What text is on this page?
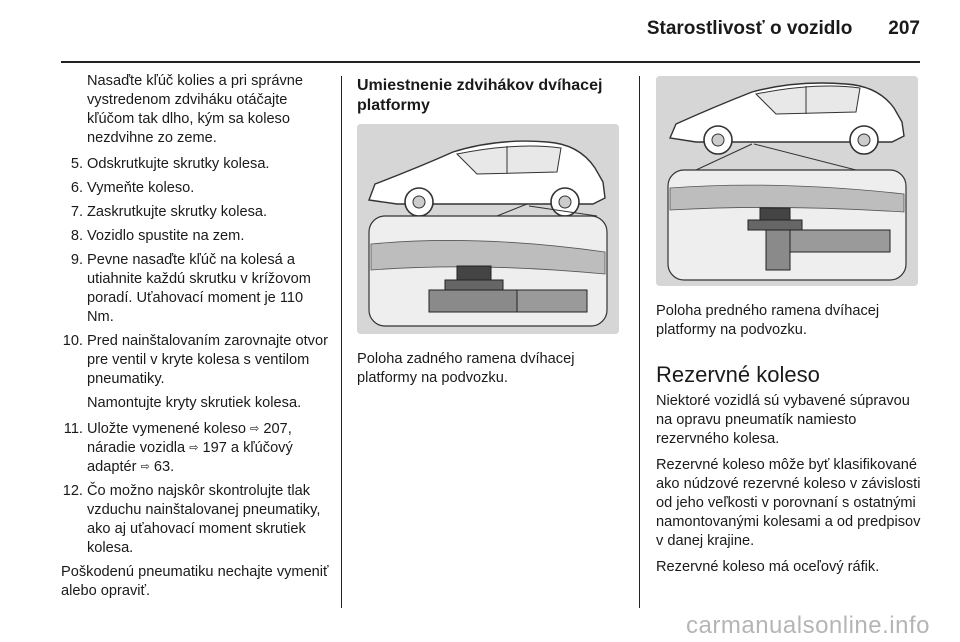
Starostlivosť o vozidlo 207

Nasaďte kľúč kolies a pri správne vystredenom zdviháku otáčajte kľúčom tak dlho, kým sa koleso nezdvihne zo zeme.

5. Odskrutkujte skrutky kolesa.
6. Vymeňte koleso.
7. Zaskrutkujte skrutky kolesa.
8. Vozidlo spustite na zem.
9. Pevne nasaďte kľúč na kolesá a utiahnite každú skrutku v krížovom poradí. Uťahovací moment je 110 Nm.
10. Pred nainštalovaním zarovnajte otvor pre ventil v kryte kolesa s ventilom pneumatiky.

Namontujte kryty skrutiek kolesa.

11. Uložte vymenené koleso ⇨ 207, náradie vozidla ⇨ 197 a kľúčový adaptér ⇨ 63.
12. Čo možno najskôr skontrolujte tlak vzduchu nainštalovanej pneumatiky, ako aj uťahovací moment skrutiek kolesa.

Poškodenú pneumatiku nechajte vymeniť alebo opraviť.

Umiestnenie zdvihákov dvíhacej platformy

Poloha zadného ramena dvíhacej platformy na podvozku.

Poloha predného ramena dvíhacej platformy na podvozku.

Rezervné koleso

Niektoré vozidlá sú vybavené súpravou na opravu pneumatík namiesto rezervného kolesa.

Rezervné koleso môže byť klasifikované ako núdzové rezervné koleso v závislosti od jeho veľkosti v porovnaní s ostatnými namontovanými kolesami a od predpisov v danej krajine.

Rezervné koleso má oceľový ráfik.

carmanualsonline.info
